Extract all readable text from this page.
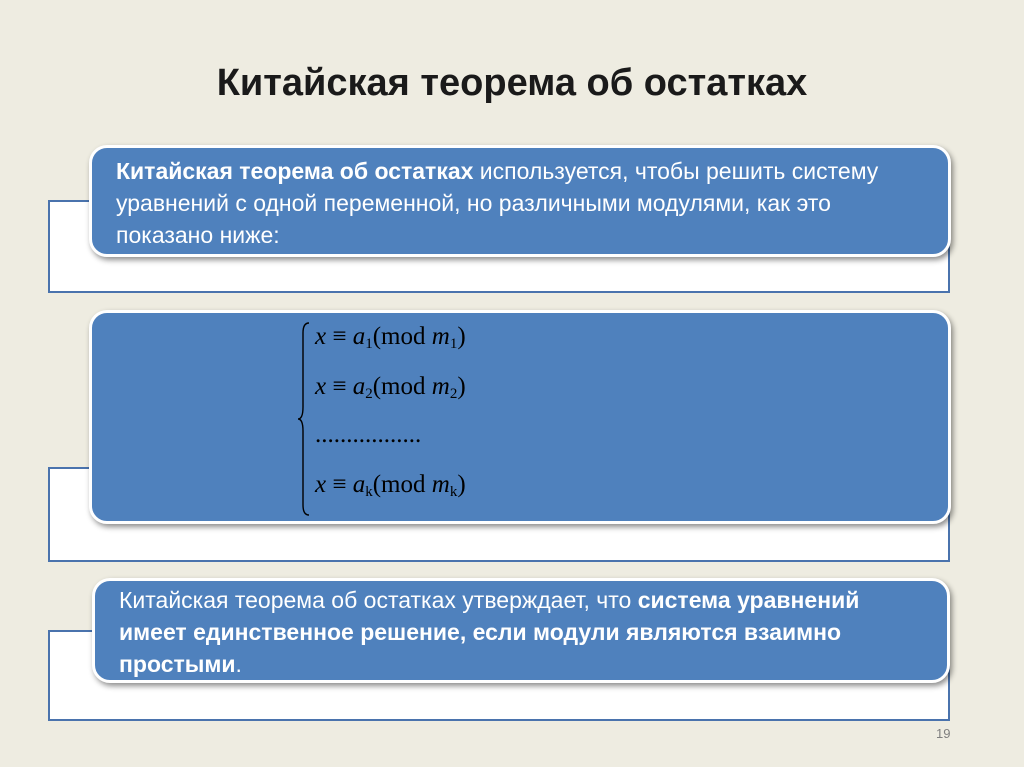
Китайская теорема об остатках

Китайская теорема об остатках используется, чтобы решить систему уравнений с одной переменной, но различными модулями, как это показано ниже:

$x \equiv a_1(mod$ $m_1$)
$x \equiv a_2(mod$ $m_2$)
.................
$x \equiv a_k(mod$ $m_k$)

Китайская теорема об остатках утверждает, что система уравнений имеет единственное решение, если модули являются взаимно простыми.

19
